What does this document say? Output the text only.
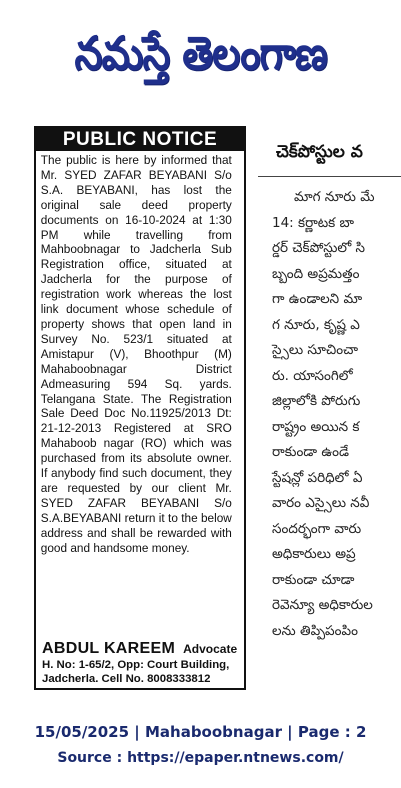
నమస్తే తెలంగాణ
PUBLIC NOTICE
The public is here by informed that Mr. SYED ZAFAR BEYABANI S/o S.A. BEYABANI, has lost the original sale deed property documents on 16-10-2024 at 1:30 PM while travelling from Mahboobnagar to Jadcherla Sub Registration office, situated at Jadcherla for the purpose of registration work whereas the lost link document whose schedule of property shows that open land in Survey No. 523/1 situated at Amistapur (V), Bhoothpur (M) Mahaboobnagar District Admeasuring 594 Sq. yards. Telangana State. The Registration Sale Deed Doc No.11925/2013 Dt: 21-12-2013 Registered at SRO Mahaboob nagar (RO) which was purchased from its absolute owner. If anybody find such document, they are requested by our client Mr. SYED ZAFAR BEYABANI S/o S.A.BEYABANI return it to the below address and shall be rewarded with good and handsome money.
ABDUL KAREEM Advocate
H. No: 1-65/2, Opp: Court Building,
Jadcherla. Cell No. 8008333812
చెక్‌పోస్టుల వ
మాగ నూరు మే
14: కర్ణాటక బా
ర్డర్ చెక్‌పోస్టులో సి
బ్బంది అప్రమత్తం
గా ఉండాలని మా
గ నూరు, కృష్ణ ఎ
స్సైలు సూచించా
రు. యాసంగిలో
జిల్లాలోకి పోరుగు
రాష్ట్రం అయిన క
రాకుండా ఉండే
స్టేషన్లో పరిధిలో ఏ
వారం ఎస్సైలు నవీ
సందర్భంగా వారు
అధికారులు అప్ర
రాకుండా చూడా
రెవెన్యూ అధికారుల
లను తిప్పిపంపిం
15/05/2025 | Mahaboobnagar | Page : 2
Source : https://epaper.ntnews.com/
